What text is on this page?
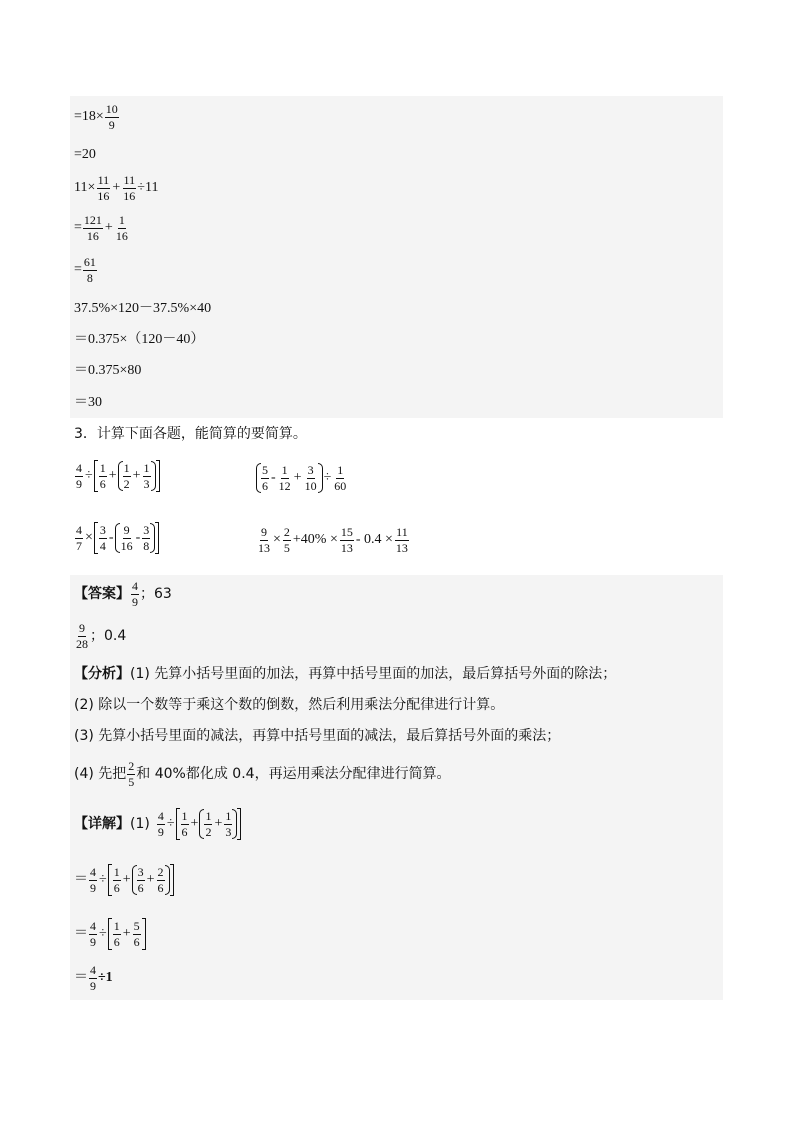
$=18\times \frac{10}{9}$
=20
$11\times \frac{11}{16} + \frac{11}{16} \div 11$
= $\frac{121}{16} + \frac{1}{16}$
= $\frac{61}{8}$
37.5%×120－37.5%×40
＝0.375×（120－40）
＝0.375×80
＝30
3．计算下面各题，能简算的要简算。
$\frac{4}{9} \div \frac{1}{6} + \frac{1}{2} + \frac{1}{3}$	$\frac{5}{6} - \frac{1}{12} + \frac{3}{10} \div \frac{1}{60}$
$\frac{4}{7} \times \frac{3}{4} - \frac{9}{16} - \frac{3}{8}$	$\frac{9}{13} \times \frac{2}{5} +40\% \times \frac{15}{13} - 0.4 \times \frac{11}{13}$
【答案】 $\frac{4}{9}$ ；63
$\frac{9}{28}$ ；0.4
【分析】 (1) 先算小括号里面的加法，再算中括号里面的加法，最后算括号外面的除法；
(2) 除以一个数等于乘这个数的倒数，然后利用乘法分配律进行计算。
(3) 先算小括号里面的减法，再算中括号里面的减法，最后算括号外面的乘法；
(4) 先把 $\frac{2}{5}$ 和 40%都化成 0.4，再运用乘法分配律进行简算。
【详解】 $(1) \frac{4}{9} \div \frac{1}{6} + \frac{1}{2} + \frac{1}{3}$
＝ $\frac{4}{9} \div \frac{1}{6} + \frac{3}{6} + \frac{2}{6}$
＝ $\frac{4}{9} \div \frac{1}{6} + \frac{5}{6}$
＝ $\frac{4}{9} \div 1$
